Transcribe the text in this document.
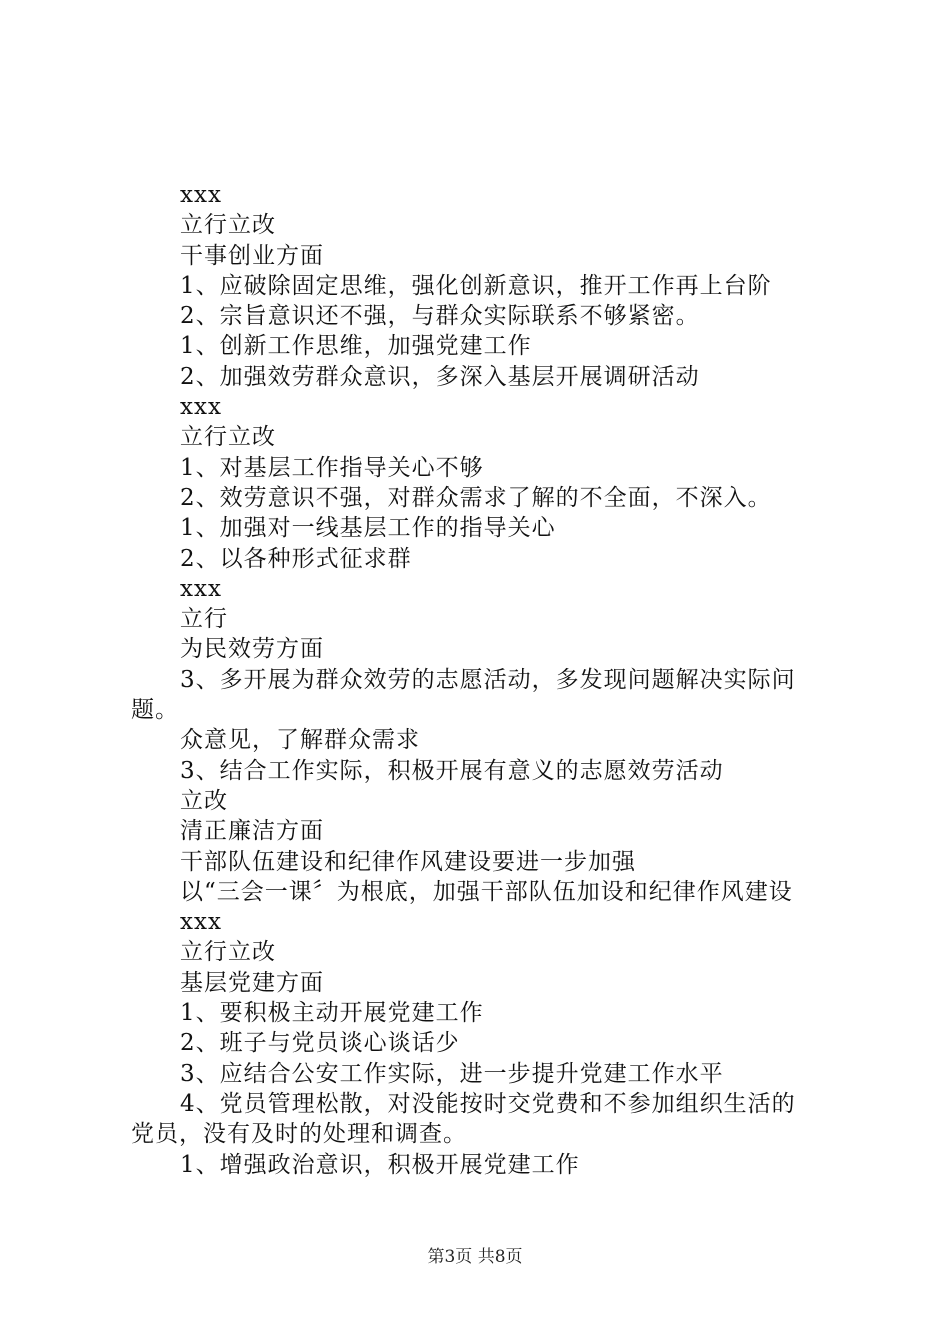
xxx
立行立改
干事创业方面
1、应破除固定思维，强化创新意识，推开工作再上台阶
2、宗旨意识还不强，与群众实际联系不够紧密。
1、创新工作思维，加强党建工作
2、加强效劳群众意识，多深入基层开展调研活动
xxx
立行立改
1、对基层工作指导关心不够
2、效劳意识不强，对群众需求了解的不全面，不深入。
1、加强对一线基层工作的指导关心
2、以各种形式征求群
xxx
立行
为民效劳方面
3、多开展为群众效劳的志愿活动，多发现问题解决实际问
题。
众意见，了解群众需求
3、结合工作实际，积极开展有意义的志愿效劳活动
立改
清正廉洁方面
干部队伍建设和纪律作风建设要进一步加强
以“三会一课〞为根底，加强干部队伍加设和纪律作风建设
xxx
立行立改
基层党建方面
1、要积极主动开展党建工作
2、班子与党员谈心谈话少
3、应结合公安工作实际，进一步提升党建工作水平
4、党员管理松散，对没能按时交党费和不参加组织生活的
党员，没有及时的处理和调查。
1、增强政治意识，积极开展党建工作
第3页 共8页
